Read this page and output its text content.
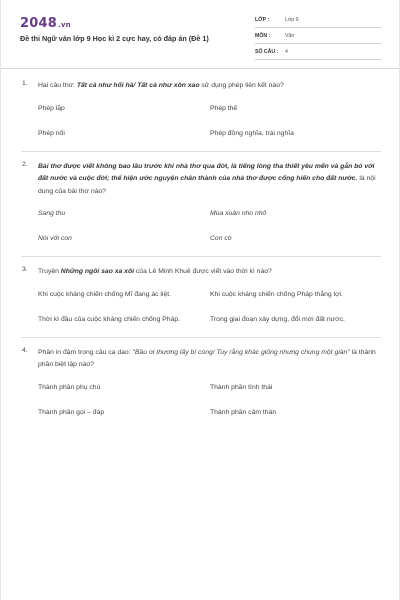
2048.vn
Đề thi Ngữ văn lớp 9 Học kì 2 cực hay, có đáp án (Đề 1)
LỚP :	Lớp 9
MÔN :	Văn
SỐ CÂU :	4
1. Hai câu thơ: Tất cả như hối hả/ Tất cả như xôn xao sử dụng phép liên kết nào?
Phép lặp	Phép thế
Phép nối	Phép đồng nghĩa, trái nghĩa
2. Bài thơ được viết không bao lâu trước khi nhà thơ qua đời, là tiếng lòng tha thiết yêu mến và gắn bó với đất nước và cuộc đời; thể hiện ước nguyện chân thành của nhà thơ được cống hiến cho đất nước. là nội dung của bài thơ nào?
Sang thu	Mùa xuân nho nhỏ
Nói với con	Con cò
3. Truyện Những ngôi sao xa xôi của Lê Minh Khuê được viết vào thời kì nào?
Khi cuộc kháng chiến chống Mĩ đang ác liệt.	Khi cuộc kháng chiến chống Pháp thắng lợi.
Thời kì đầu của cuộc kháng chiến chống Pháp.	Trong giai đoạn xây dựng, đổi mới đất nước.
4. Phần in đậm trong câu ca dao: "Bầu ơi thương lấy bí cùng/ Tuy rằng khác giống nhưng chung một giàn" là thành phần biệt lập nào?
Thành phần phụ chú	Thành phần tình thái
Thành phần gọi – đáp	Thành phần cảm thán
